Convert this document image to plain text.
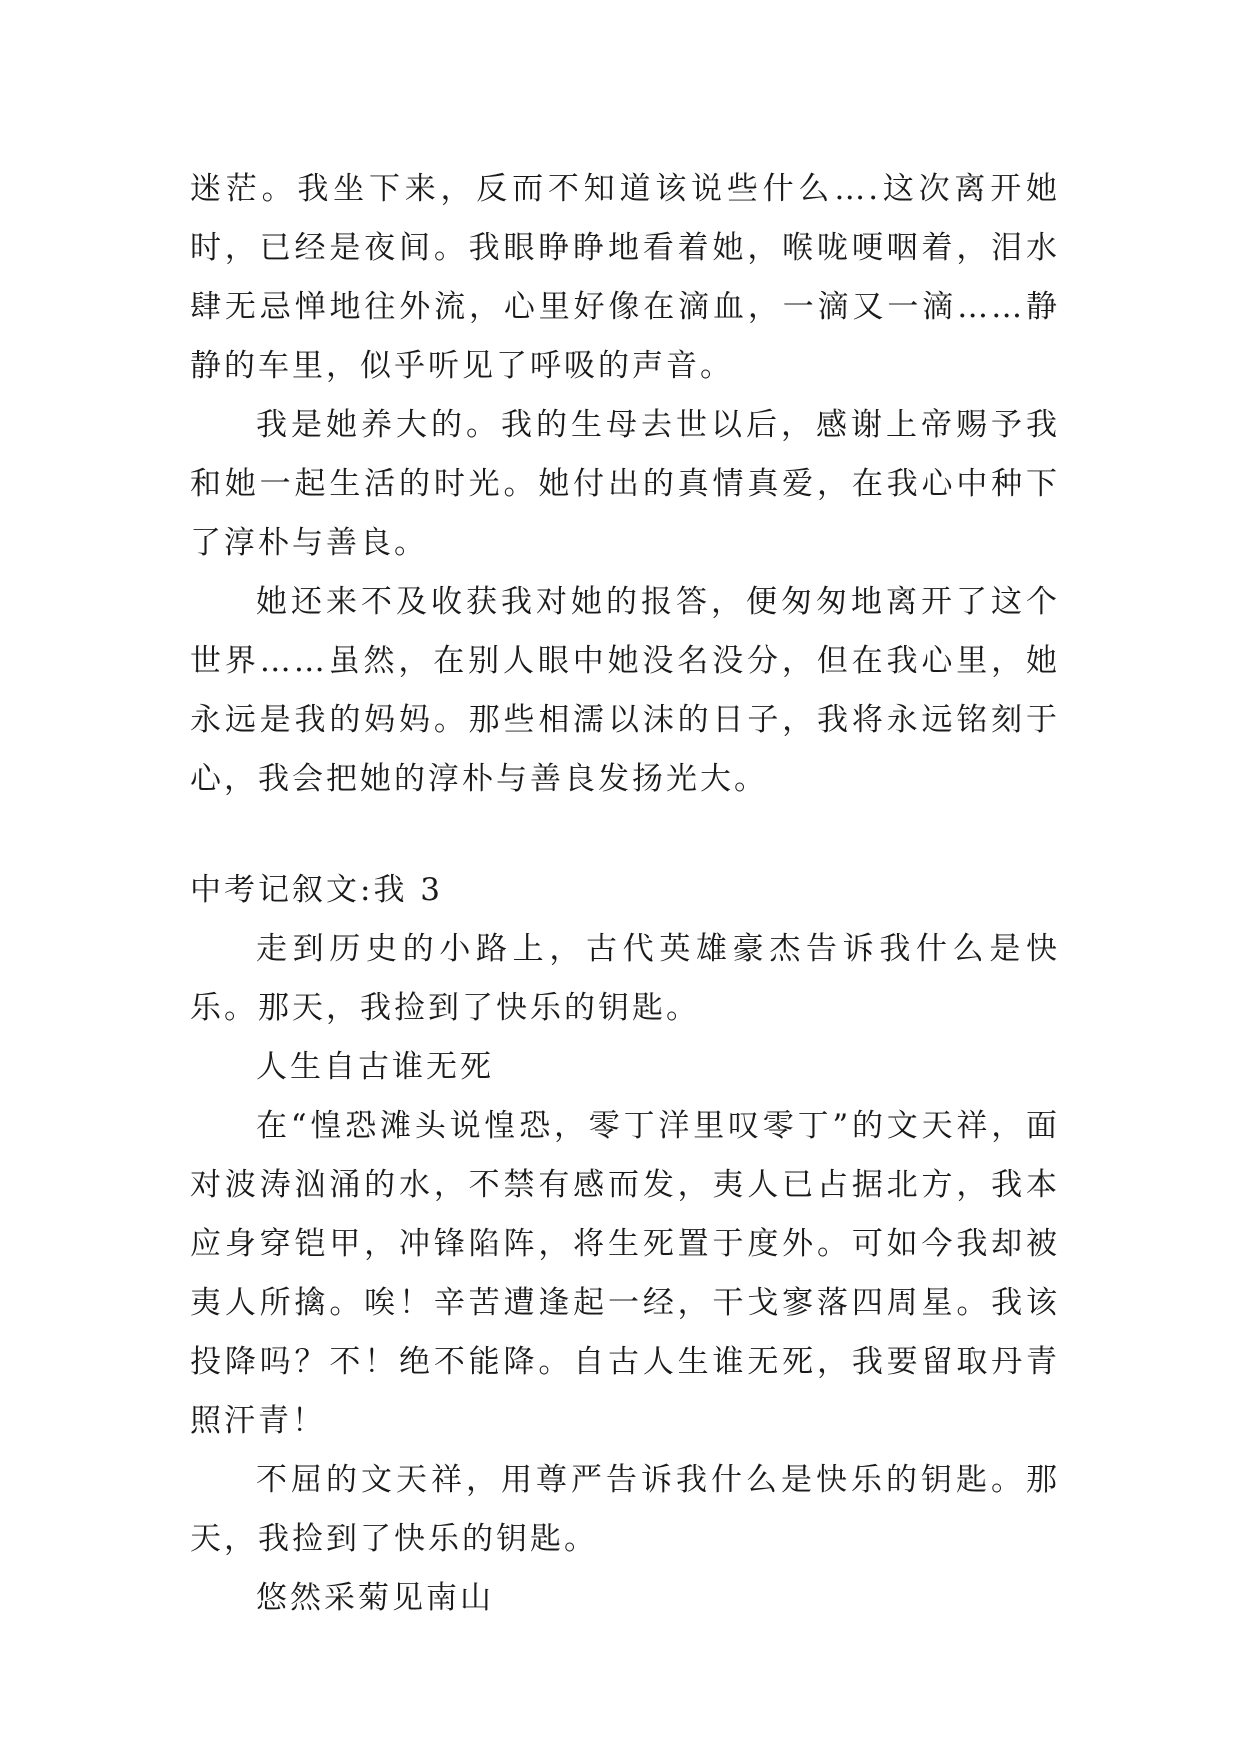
迷茫。我坐下来，反而不知道该说些什么….这次离开她时，已经是夜间。我眼睁睁地看着她，喉咙哽咽着，泪水肆无忌惮地往外流，心里好像在滴血，一滴又一滴……静静的车里，似乎听见了呼吸的声音。

我是她养大的。我的生母去世以后，感谢上帝赐予我和她一起生活的时光。她付出的真情真爱，在我心中种下了淳朴与善良。

她还来不及收获我对她的报答，便匆匆地离开了这个世界……虽然，在别人眼中她没名没分，但在我心里，她永远是我的妈妈。那些相濡以沫的日子，我将永远铭刻于心，我会把她的淳朴与善良发扬光大。

中考记叙文:我 3

走到历史的小路上，古代英雄豪杰告诉我什么是快乐。那天，我捡到了快乐的钥匙。

人生自古谁无死

在“惶恐滩头说惶恐，零丁洋里叹零丁”的文天祥，面对波涛汹涌的水，不禁有感而发，夷人已占据北方，我本应身穿铠甲，冲锋陷阵，将生死置于度外。可如今我却被夷人所擒。唉！辛苦遭逢起一经，干戈寥落四周星。我该投降吗？不！绝不能降。自古人生谁无死，我要留取丹青照汗青！

不屈的文天祥，用尊严告诉我什么是快乐的钥匙。那天，我捡到了快乐的钥匙。

悠然采菊见南山
